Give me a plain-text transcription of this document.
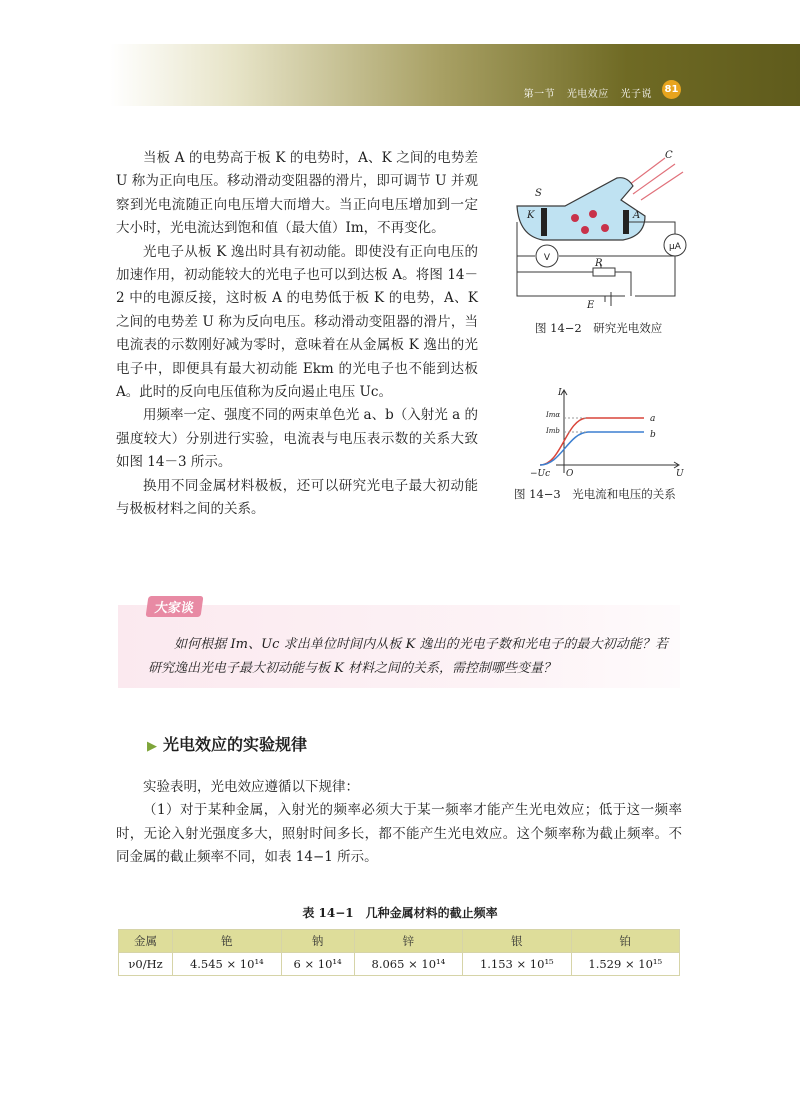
第一节 光电效应 光子说 81

当板 A 的电势高于板 K 的电势时，A、K 之间的电势差 U 称为正向电压。移动滑动变阻器的滑片，即可调节 U 并观察到光电流随正向电压增大而增大。当正向电压增加到一定大小时，光电流达到饱和值（最大值）Im，不再变化。

光电子从板 K 逸出时具有初动能。即使没有正向电压的加速作用，初动能较大的光电子也可以到达板 A。将图 14－2 中的电源反接，这时板 A 的电势低于板 K 的电势，A、K 之间的电势差 U 称为反向电压。移动滑动变阻器的滑片，当电流表的示数刚好减为零时，意味着在从金属板 K 逸出的光电子中，即便具有最大初动能 Ekm 的光电子也不能到达板 A。此时的反向电压值称为反向遏止电压 Uc。

用频率一定、强度不同的两束单色光 a、b（入射光 a 的强度较大）分别进行实验，电流表与电压表示数的关系大致如图 14－3 所示。

换用不同金属材料极板，还可以研究光电子最大初动能与极板材料之间的关系。

C
S
K	A
R
E
μA
V
图 14−2　研究光电效应
I
Imα
Imb
a
b
−Uc O	U
图 14−3　光电流和电压的关系
大家谈

如何根据 Im、Uc 求出单位时间内从板 K 逸出的光电子数和光电子的最大初动能？若研究逸出光电子最大初动能与板 K 材料之间的关系，需控制哪些变量？

▶ 光电效应的实验规律

实验表明，光电效应遵循以下规律：

（1）对于某种金属，入射光的频率必须大于某一频率才能产生光电效应；低于这一频率时，无论入射光强度多大，照射时间多长，都不能产生光电效应。这个频率称为截止频率。不同金属的截止频率不同，如表 14−1 所示。

表 14−1　几种金属材料的截止频率
金属	铯	钠	锌	银	铂
ν0/Hz	4.545 × 10¹⁴	6 × 10¹⁴	8.065 × 10¹⁴	1.153 × 10¹⁵	1.529 × 10¹⁵
